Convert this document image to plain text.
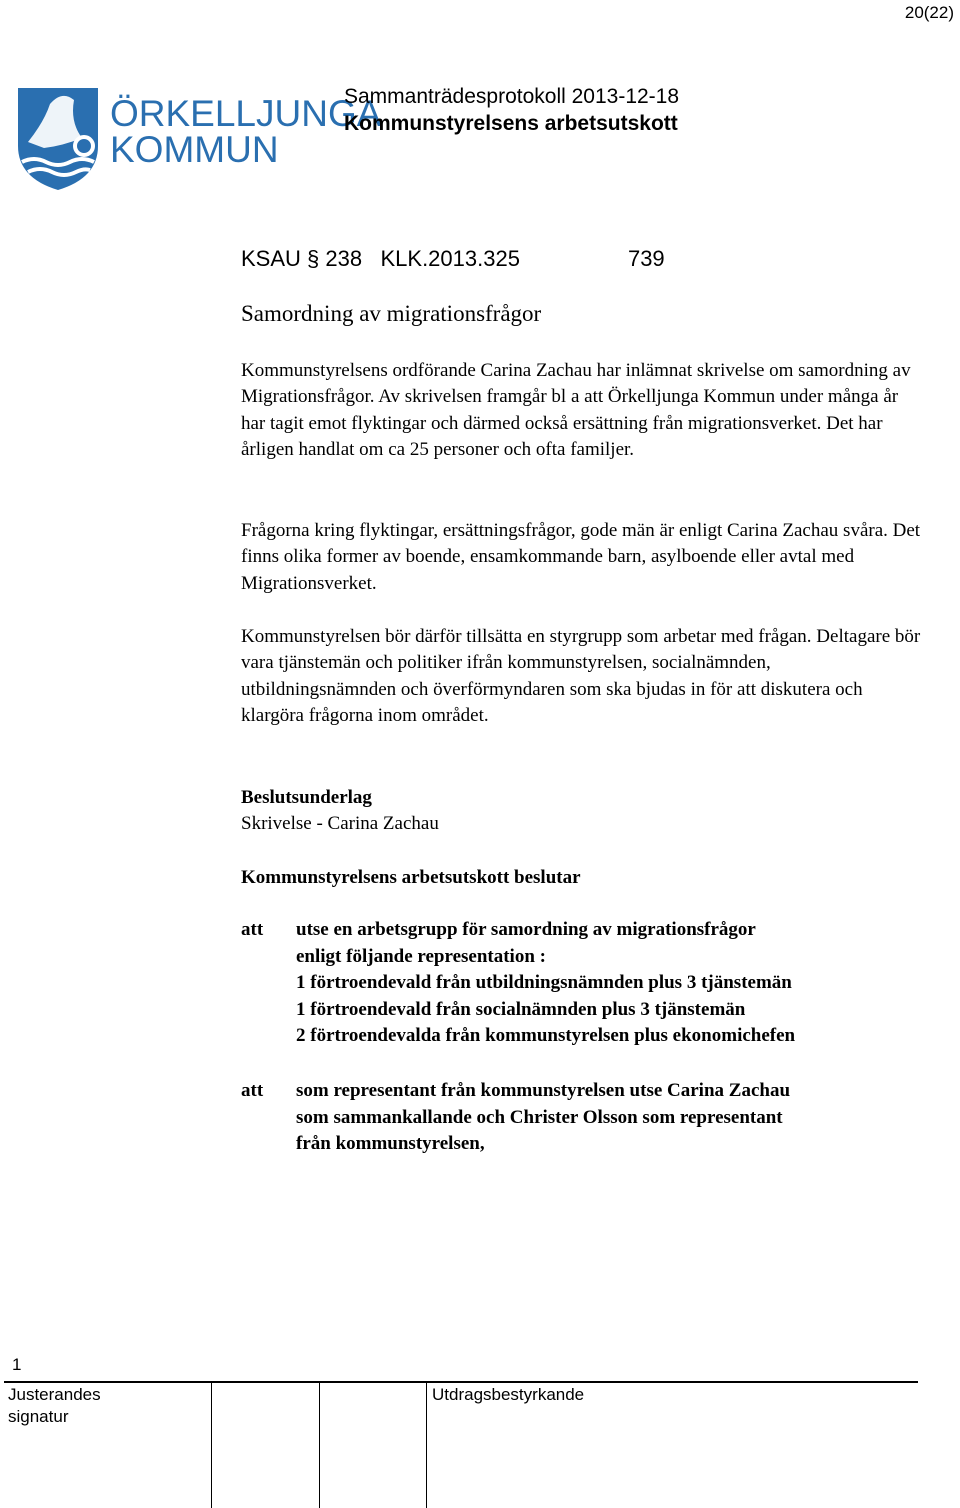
20(22)
ÖRKELLJUNGA
KOMMUN
Sammanträdesprotokoll 2013-12-18
Kommunstyrelsens arbetsutskott
KSAU § 238 KLK.2013.325	739
Samordning av migrationsfrågor
Kommunstyrelsens ordförande Carina Zachau har inlämnat skrivelse om samordning av Migrationsfrågor. Av skrivelsen framgår bl a att Örkelljunga Kommun under många år har tagit emot flyktingar och därmed också ersättning från migrationsverket. Det har årligen handlat om ca 25 personer och ofta familjer.
Frågorna kring flyktingar, ersättningsfrågor, gode män är enligt Carina Zachau svåra. Det finns olika former av boende, ensamkommande barn, asylboende eller avtal med Migrationsverket.
Kommunstyrelsen bör därför tillsätta en styrgrupp som arbetar med frågan. Deltagare bör vara tjänstemän och politiker ifrån kommunstyrelsen, socialnämnden, utbildningsnämnden och överförmyndaren som ska bjudas in för att diskutera och klargöra frågorna inom området.
Beslutsunderlag
Skrivelse - Carina Zachau
Kommunstyrelsens arbetsutskott beslutar
att utse en arbetsgrupp för samordning av migrationsfrågor
enligt följande representation :
1 förtroendevald från utbildningsnämnden plus 3 tjänstemän
1 förtroendevald från socialnämnden plus 3 tjänstemän
2 förtroendevalda från kommunstyrelsen plus ekonomichefen
att som representant från kommunstyrelsen utse Carina Zachau
som sammankallande och Christer Olsson som representant
från kommunstyrelsen,
1
Justerandes signatur
Utdragsbestyrkande
